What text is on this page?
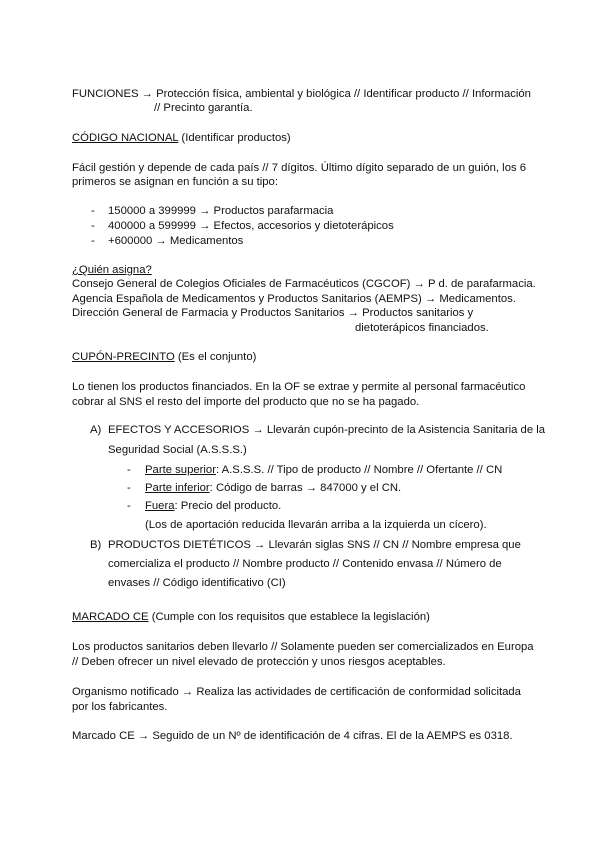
FUNCIONES → Protección física, ambiental y biológica // Identificar producto // Información
// Precinto garantía.
CÓDIGO NACIONAL (Identificar productos)
Fácil gestión y depende de cada país // 7 dígitos. Último dígito separado de un guión, los 6
primeros se asignan en función a su tipo:
- 150000 a 399999 → Productos parafarmacia
- 400000 a 599999 → Efectos, accesorios y dietoterápicos
- +600000 → Medicamentos
¿Quién asigna?
Consejo General de Colegios Oficiales de Farmacéuticos (CGCOF) → P d. de parafarmacia.
Agencia Española de Medicamentos y Productos Sanitarios (AEMPS) → Medicamentos.
Dirección General de Farmacia y Productos Sanitarios → Productos sanitarios y
dietoterápicos financiados.
CUPÓN-PRECINTO (Es el conjunto)
Lo tienen los productos financiados. En la OF se extrae y permite al personal farmacéutico
cobrar al SNS el resto del importe del producto que no se ha pagado.
A) EFECTOS Y ACCESORIOS → Llevarán cupón-precinto de la Asistencia Sanitaria de la
Seguridad Social (A.S.S.S.)
- Parte superior: A.S.S.S. // Tipo de producto // Nombre // Ofertante // CN
- Parte inferior: Código de barras → 847000 y el CN.
- Fuera: Precio del producto.
(Los de aportación reducida llevarán arriba a la izquierda un cícero).
B) PRODUCTOS DIETÉTICOS → Llevarán siglas SNS // CN // Nombre empresa que
comercializa el producto // Nombre producto // Contenido envasa // Número de
envases // Código identificativo (CI)
MARCADO CE (Cumple con los requisitos que establece la legislación)
Los productos sanitarios deben llevarlo // Solamente pueden ser comercializados en Europa
// Deben ofrecer un nivel elevado de protección y unos riesgos aceptables.
Organismo notificado → Realiza las actividades de certificación de conformidad solicitada
por los fabricantes.
Marcado CE → Seguido de un Nº de identificación de 4 cifras. El de la AEMPS es 0318.
